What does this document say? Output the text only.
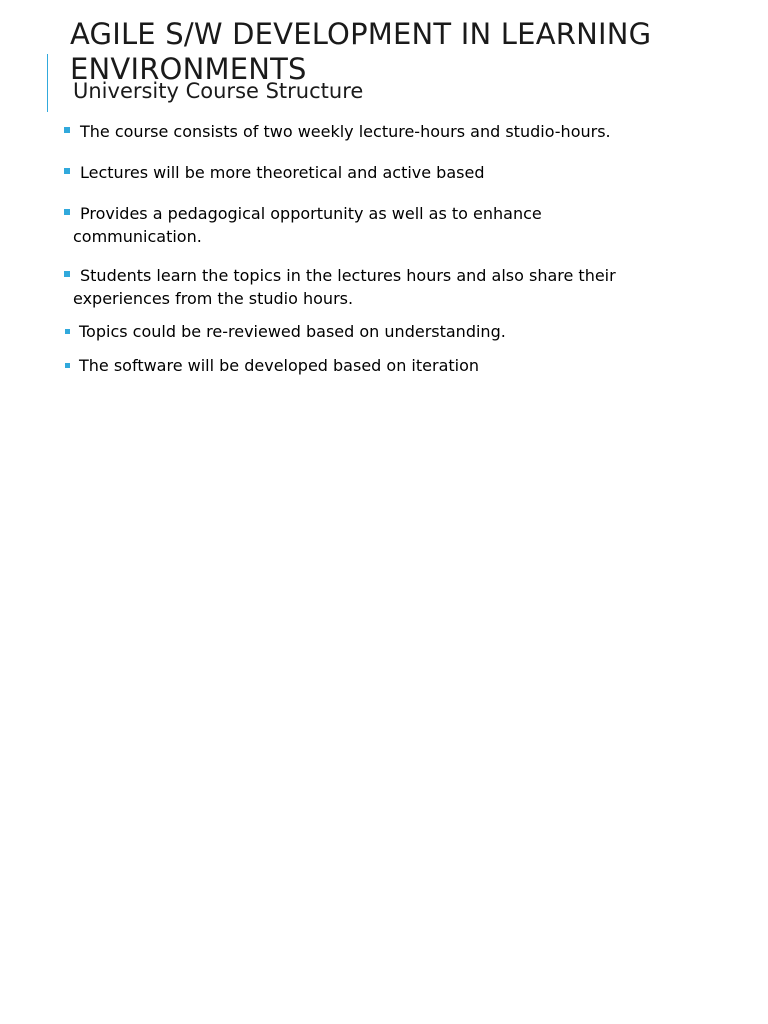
AGILE S/W DEVELOPMENT IN LEARNING ENVIRONMENTS
University Course Structure
The course consists of two weekly lecture-hours and studio-hours.
Lectures will be more theoretical and active based
Provides a pedagogical opportunity as well as to enhance communication.
Students learn the topics in the lectures hours and also share their experiences from the studio hours.
Topics could be re-reviewed based on understanding.
The software will be developed based on iteration
